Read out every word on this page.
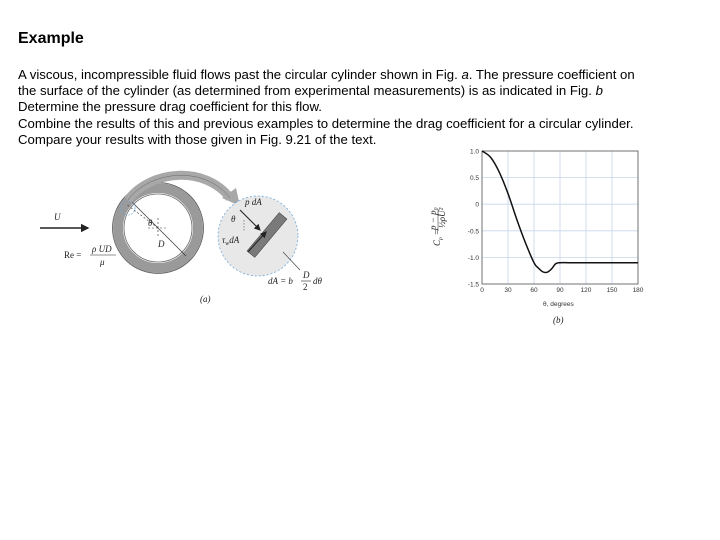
Example
A viscous, incompressible fluid flows past the circular cylinder shown in Fig. a. The pressure coefficient on
the surface of the cylinder (as determined from experimental measurements) is as indicated in Fig. b
Determine the pressure drag coefficient for this flow.
Combine the results of this and previous examples to determine the drag coefficient for a circular cylinder.
Compare your results with those given in Fig. 9.21 of the text.
U
θ
D
p dA
θ
$\tau_wdA$
Re =
ρ UD
μ
dA = b
D
2
dθ
(a)
0	30	60	90	120 150 180
1.0
0.5
0
-0.5
-1.0
-1.5
θ, degrees
(b)
$C_p=$
p − p₀ ½ρU²
